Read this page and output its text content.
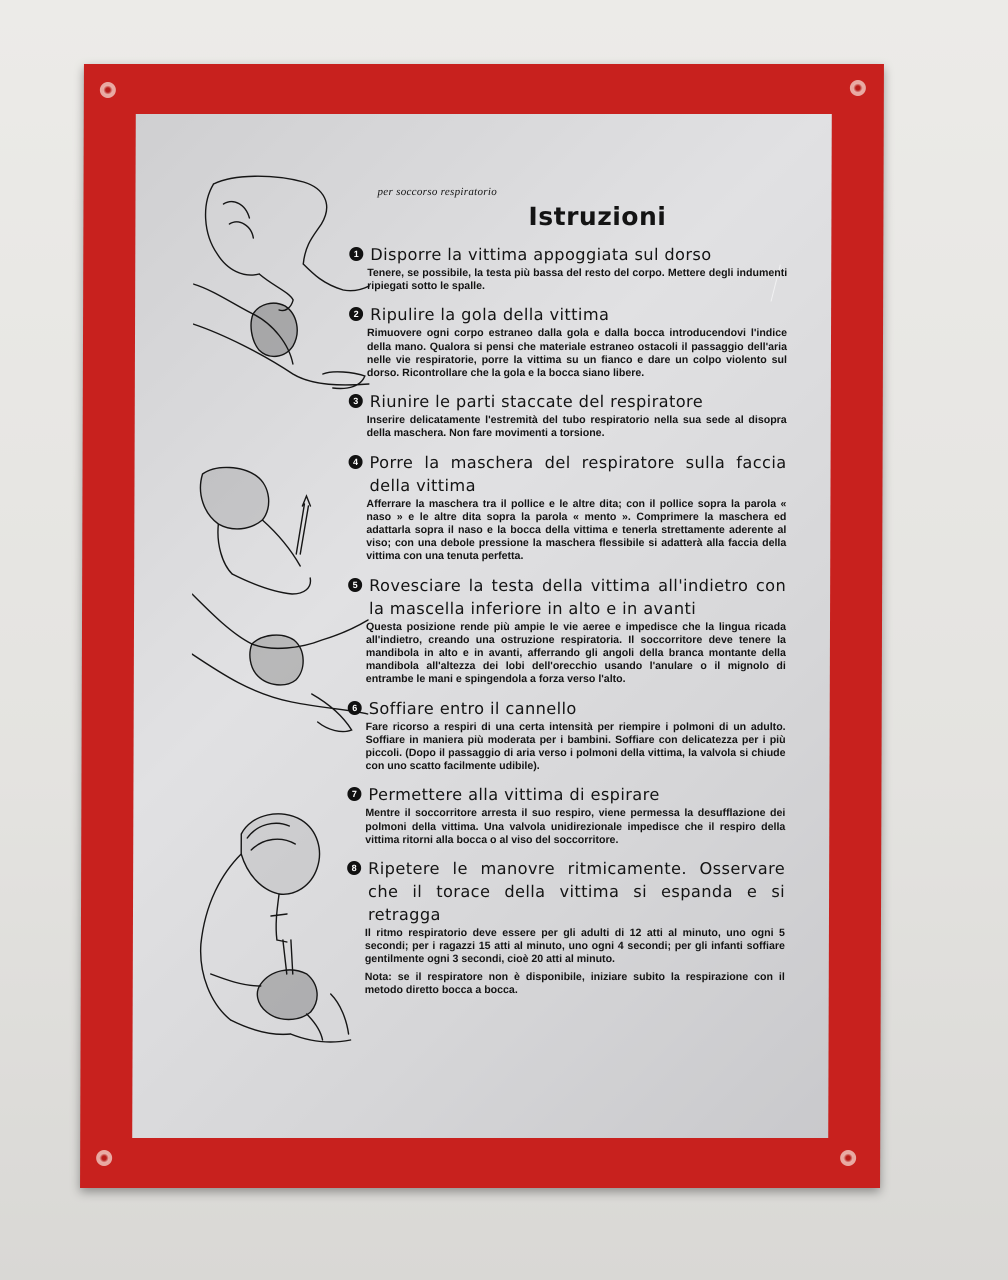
per soccorso respiratorio
Istruzioni
1 Disporre la vittima appoggiata sul dorso
Tenere, se possibile, la testa più bassa del resto del corpo. Mettere degli indumenti ripiegati sotto le spalle.
2 Ripulire la gola della vittima
Rimuovere ogni corpo estraneo dalla gola e dalla bocca introducendovi l'indice della mano. Qualora si pensi che materiale estraneo ostacoli il passaggio dell'aria nelle vie respiratorie, porre la vittima su un fianco e dare un colpo violento sul dorso. Ricontrollare che la gola e la bocca siano libere.
3 Riunire le parti staccate del respiratore
Inserire delicatamente l'estremità del tubo respiratorio nella sua sede al disopra della maschera. Non fare movimenti a torsione.
4 Porre la maschera del respiratore sulla faccia della vittima
Afferrare la maschera tra il pollice e le altre dita; con il pollice sopra la parola « naso » e le altre dita sopra la parola « mento ». Comprimere la maschera ed adattarla sopra il naso e la bocca della vittima e tenerla strettamente aderente al viso; con una debole pressione la maschera flessibile si adatterà alla faccia della vittima con una tenuta perfetta.
5 Rovesciare la testa della vittima all'indietro con la mascella inferiore in alto e in avanti
Questa posizione rende più ampie le vie aeree e impedisce che la lingua ricada all'indietro, creando una ostruzione respiratoria. Il soccorritore deve tenere la mandibola in alto e in avanti, afferrando gli angoli della branca montante della mandibola all'altezza dei lobi dell'orecchio usando l'anulare o il mignolo di entrambe le mani e spingendola a forza verso l'alto.
6 Soffiare entro il cannello
Fare ricorso a respiri di una certa intensità per riempire i polmoni di un adulto. Soffiare in maniera più moderata per i bambini. Soffiare con delicatezza per i più piccoli. (Dopo il passaggio di aria verso i polmoni della vittima, la valvola si chiude con uno scatto facilmente udibile).
7 Permettere alla vittima di espirare
Mentre il soccorritore arresta il suo respiro, viene permessa la desufflazione dei polmoni della vittima. Una valvola unidirezionale impedisce che il respiro della vittima ritorni alla bocca o al viso del soccorritore.
8 Ripetere le manovre ritmicamente. Osservare che il torace della vittima si espanda e si retragga
Il ritmo respiratorio deve essere per gli adulti di 12 atti al minuto, uno ogni 5 secondi; per i ragazzi 15 atti al minuto, uno ogni 4 secondi; per gli infanti soffiare gentilmente ogni 3 secondi, cioè 20 atti al minuto.
Nota: se il respiratore non è disponibile, iniziare subito la respirazione con il metodo diretto bocca a bocca.
